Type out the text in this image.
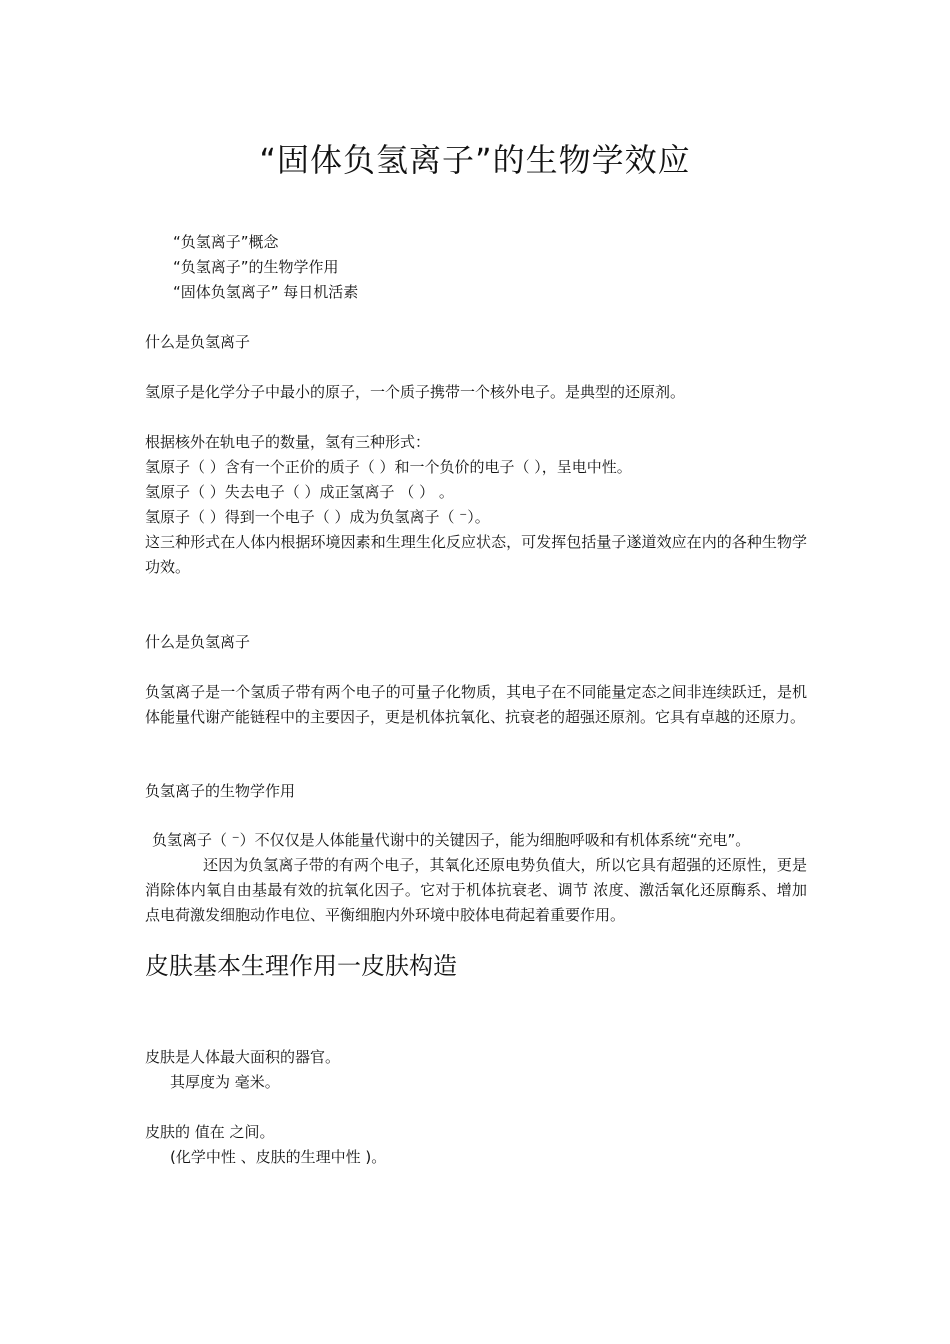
“固体负氢离子”的生物学效应
“负氢离子”概念
“负氢离子”的生物学作用
“固体负氢离子” 每日机活素
什么是负氢离子
氢原子是化学分子中最小的原子，一个质子携带一个核外电子。是典型的还原剂。
根据核外在轨电子的数量，氢有三种形式：
氢原子（ ）含有一个正价的质子（ ）和一个负价的电子（ ），呈电中性。
氢原子（ ）失去电子（ ）成正氢离子 （ ） 。
氢原子（ ）得到一个电子（ ）成为负氢离子（ ⁻）。

这三种形式在人体内根据环境因素和生理生化反应状态，可发挥包括量子遂道效应在内的各种生物学功效。

什么是负氢离子

负氢离子是一个氢质子带有两个电子的可量子化物质，其电子在不同能量定态之间非连续跃迁，是机体能量代谢产能链程中的主要因子，更是机体抗氧化、抗衰老的超强还原剂。它具有卓越的还原力。

负氢离子的生物学作用
负氢离子（ ⁻）不仅仅是人体能量代谢中的关键因子，能为细胞呼吸和有机体系统“充电”。

还因为负氢离子带的有两个电子，其氧化还原电势负值大，所以它具有超强的还原性，更是消除体内氧自由基最有效的抗氧化因子。它对于机体抗衰老、调节 浓度、激活氧化还原酶系、增加点电荷激发细胞动作电位、平衡细胞内外环境中胶体电荷起着重要作用。

皮肤基本生理作用一皮肤构造
皮肤是人体最大面积的器官。
其厚度为 毫米。
皮肤的 值在 之间。
(化学中性 、皮肤的生理中性 )。
